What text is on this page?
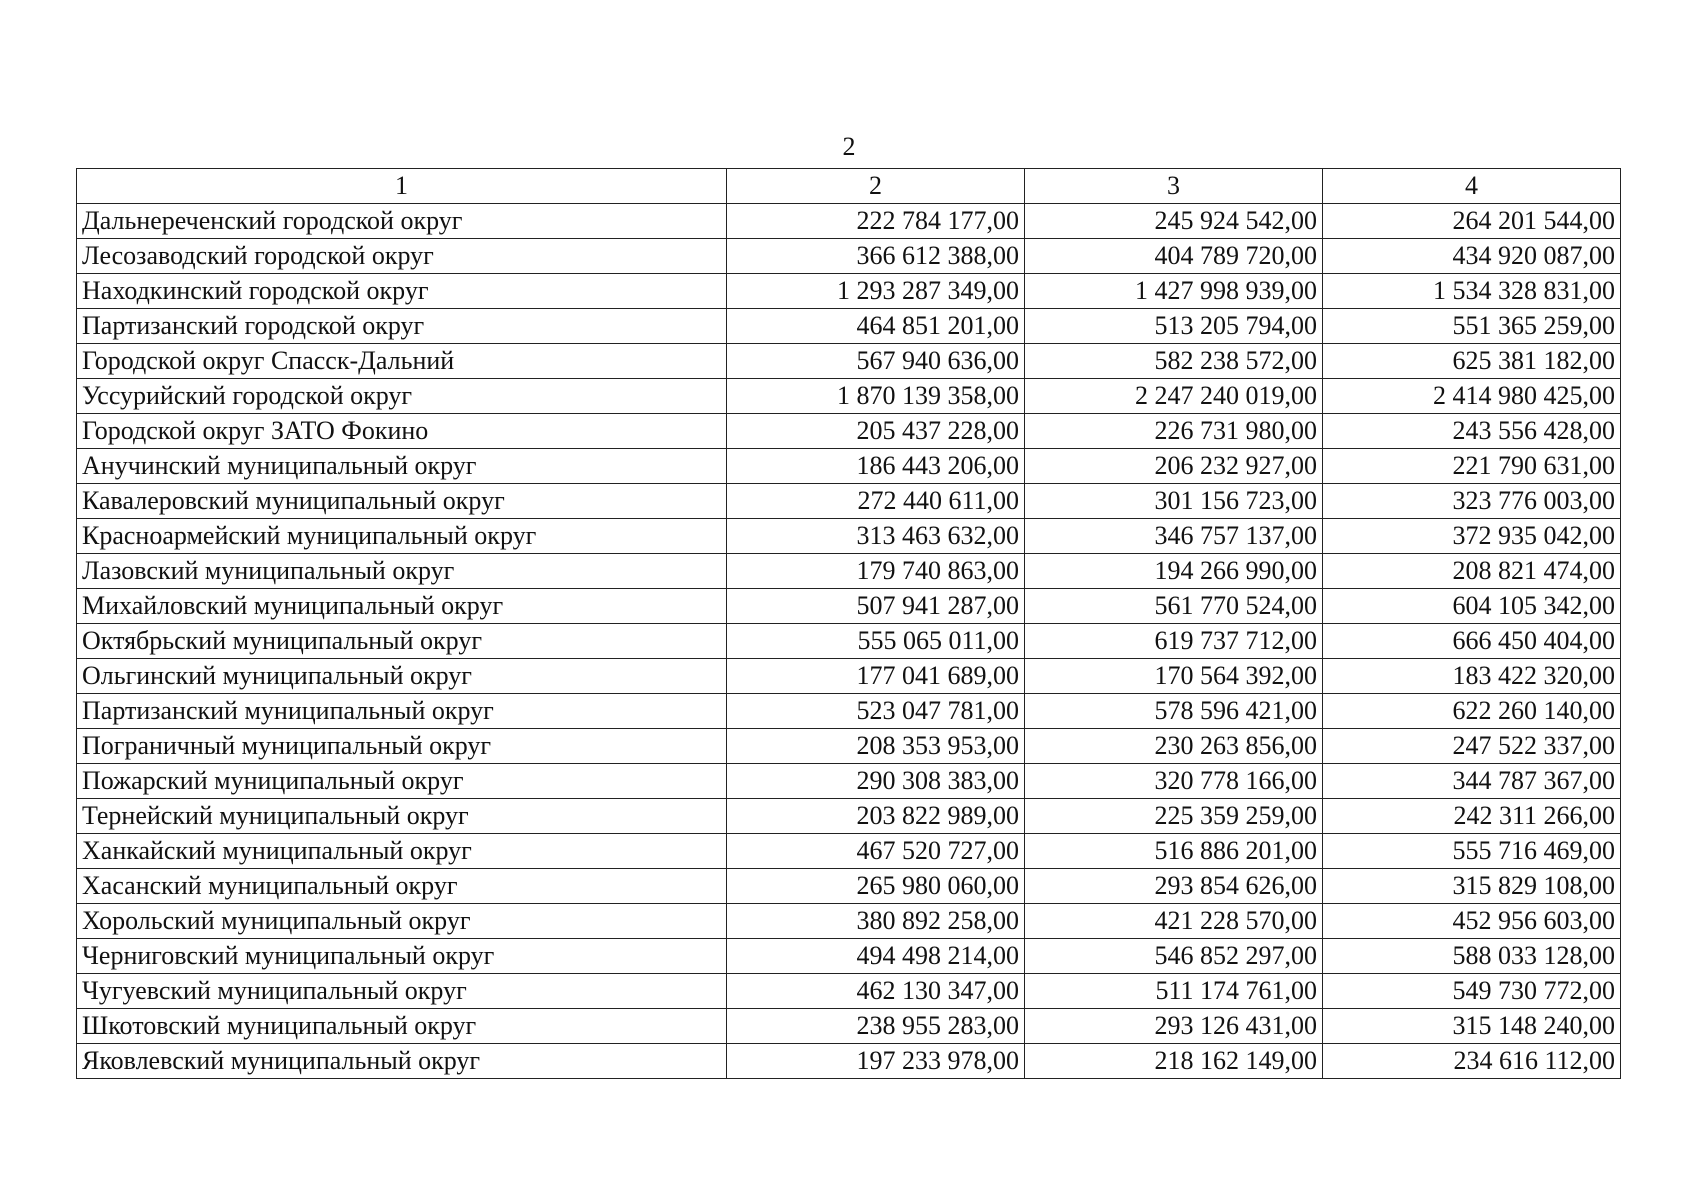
2
1	2	3	4
Дальнереченский городской округ	222 784 177,00	245 924 542,00	264 201 544,00
Лесозаводский городской округ	366 612 388,00	404 789 720,00	434 920 087,00
Находкинский городской округ	1 293 287 349,00	1 427 998 939,00	1 534 328 831,00
Партизанский городской округ	464 851 201,00	513 205 794,00	551 365 259,00
Городской округ Спасск-Дальний	567 940 636,00	582 238 572,00	625 381 182,00
Уссурийский городской округ	1 870 139 358,00	2 247 240 019,00	2 414 980 425,00
Городской округ ЗАТО Фокино	205 437 228,00	226 731 980,00	243 556 428,00
Анучинский муниципальный округ	186 443 206,00	206 232 927,00	221 790 631,00
Кавалеровский муниципальный округ	272 440 611,00	301 156 723,00	323 776 003,00
Красноармейский муниципальный округ	313 463 632,00	346 757 137,00	372 935 042,00
Лазовский муниципальный округ	179 740 863,00	194 266 990,00	208 821 474,00
Михайловский муниципальный округ	507 941 287,00	561 770 524,00	604 105 342,00
Октябрьский муниципальный округ	555 065 011,00	619 737 712,00	666 450 404,00
Ольгинский муниципальный округ	177 041 689,00	170 564 392,00	183 422 320,00
Партизанский муниципальный округ	523 047 781,00	578 596 421,00	622 260 140,00
Пограничный муниципальный округ	208 353 953,00	230 263 856,00	247 522 337,00
Пожарский муниципальный округ	290 308 383,00	320 778 166,00	344 787 367,00
Тернейский муниципальный округ	203 822 989,00	225 359 259,00	242 311 266,00
Ханкайский муниципальный округ	467 520 727,00	516 886 201,00	555 716 469,00
Хасанский муниципальный округ	265 980 060,00	293 854 626,00	315 829 108,00
Хорольский муниципальный округ	380 892 258,00	421 228 570,00	452 956 603,00
Черниговский муниципальный округ	494 498 214,00	546 852 297,00	588 033 128,00
Чугуевский муниципальный округ	462 130 347,00	511 174 761,00	549 730 772,00
Шкотовский муниципальный округ	238 955 283,00	293 126 431,00	315 148 240,00
Яковлевский муниципальный округ	197 233 978,00	218 162 149,00	234 616 112,00
